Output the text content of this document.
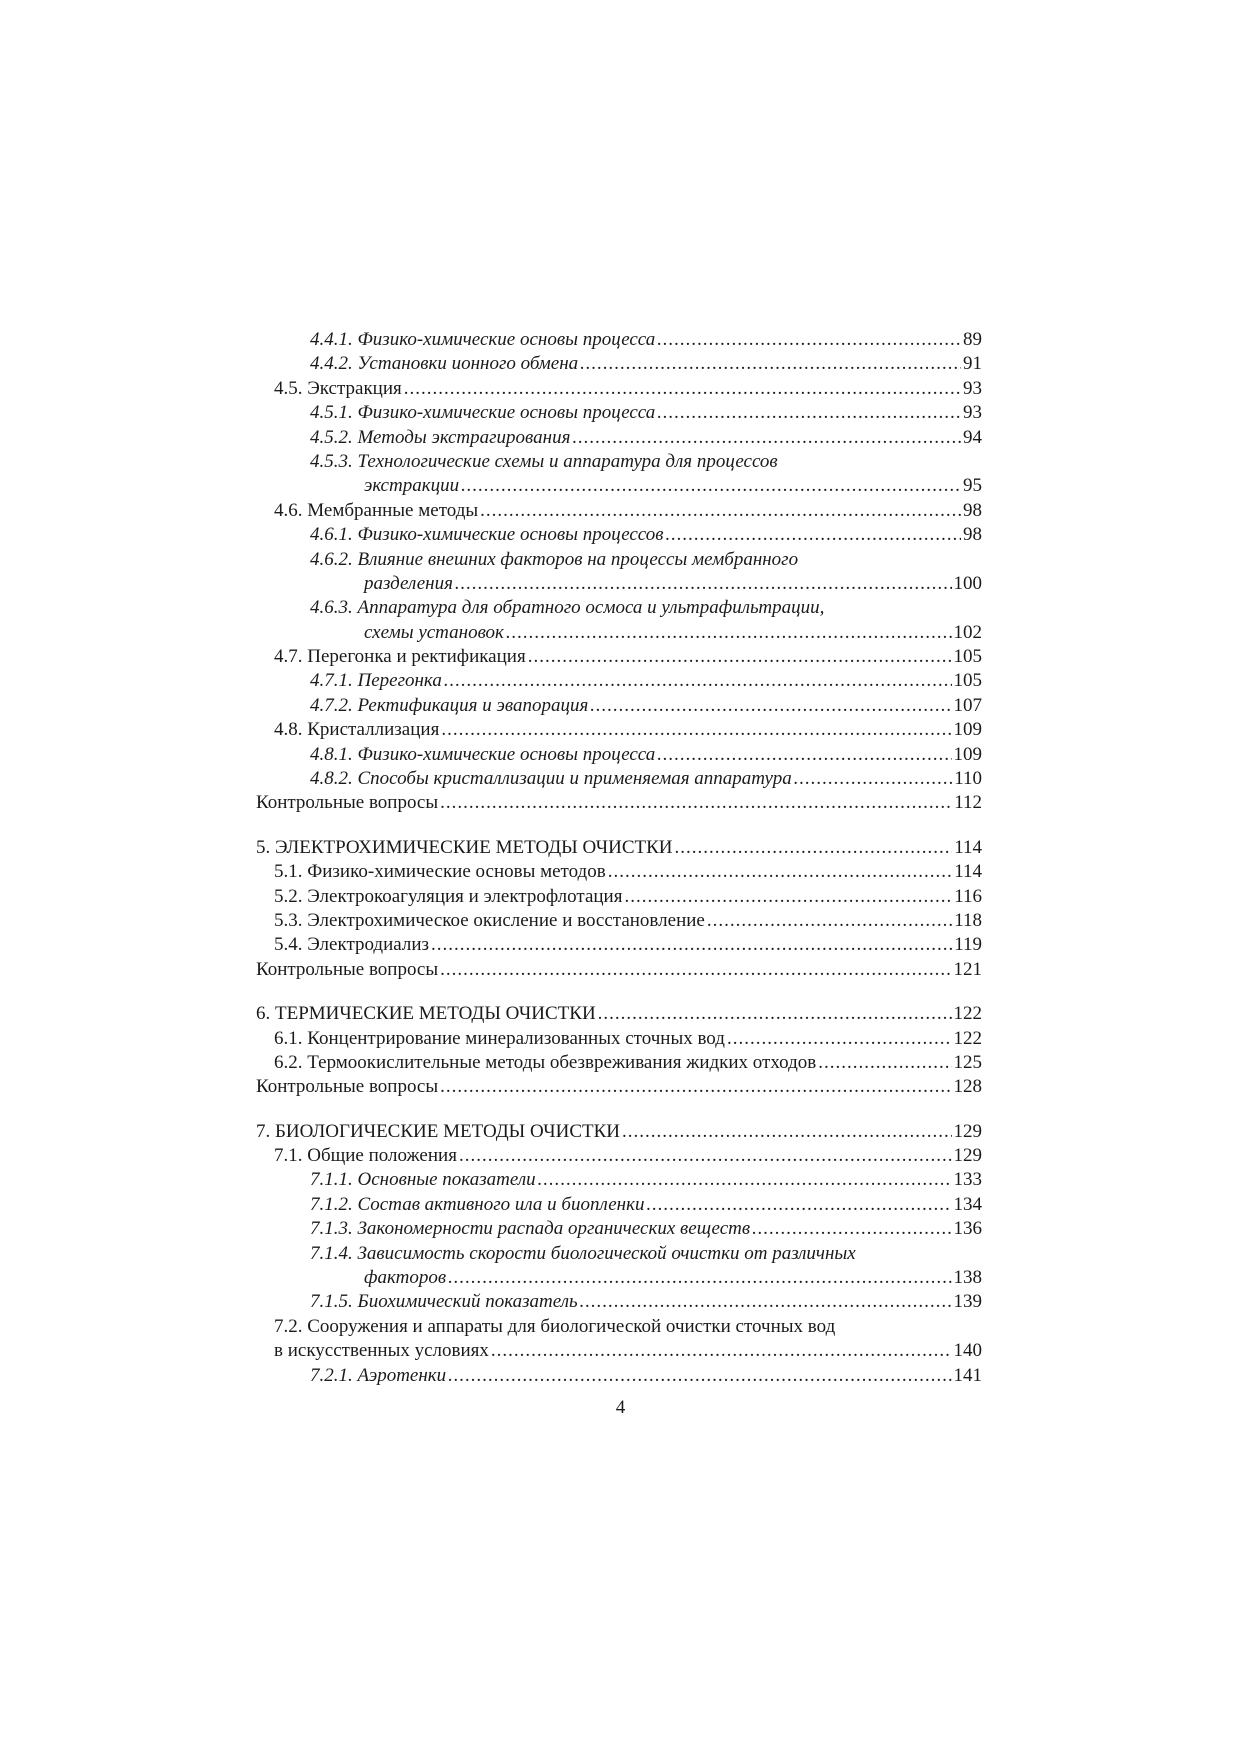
4.4.1. Физико-химические основы процесса .....	89
4.4.2. Установки ионного обмена .....	91
4.5. Экстракция .....	93
4.5.1. Физико-химические основы процесса .....	93
4.5.2. Методы экстрагирования .....	94
4.5.3. Технологические схемы и аппаратура для процессов
экстракции .....	95
4.6. Мембранные методы .....	98
4.6.1. Физико-химические основы процессов .....	98
4.6.2. Влияние внешних факторов на процессы мембранного
разделения .....	100
4.6.3. Аппаратура для обратного осмоса и ультрафильтрации,
схемы установок .....	102
4.7. Перегонка и ректификация .....	105
4.7.1. Перегонка .....	105
4.7.2. Ректификация и эвапорация .....	107
4.8. Кристаллизация .....	109
4.8.1. Физико-химические основы процесса .....	109
4.8.2. Способы кристаллизации и применяемая аппаратура .....	110
Контрольные вопросы .....	112
5. ЭЛЕКТРОХИМИЧЕСКИЕ МЕТОДЫ ОЧИСТКИ .....	114
5.1. Физико-химические основы методов .....	114
5.2. Электрокоагуляция и электрофлотация .....	116
5.3. Электрохимическое окисление и восстановление .....	118
5.4. Электродиализ .....	119
Контрольные вопросы .....	121
6. ТЕРМИЧЕСКИЕ МЕТОДЫ ОЧИСТКИ .....	122
6.1. Концентрирование минерализованных сточных вод .....	122
6.2. Термоокислительные методы обезвреживания жидких отходов .....	125
Контрольные вопросы .....	128
7. БИОЛОГИЧЕСКИЕ МЕТОДЫ ОЧИСТКИ .....	129
7.1. Общие положения .....	129
7.1.1. Основные показатели .....	133
7.1.2. Состав активного ила и биопленки .....	134
7.1.3. Закономерности распада органических веществ .....	136
7.1.4. Зависимость скорости биологической очистки от различных
факторов .....	138
7.1.5. Биохимический показатель .....	139
7.2. Сооружения и аппараты для биологической очистки сточных вод
в искусственных условиях .....	140
7.2.1. Аэротенки .....	141
4
